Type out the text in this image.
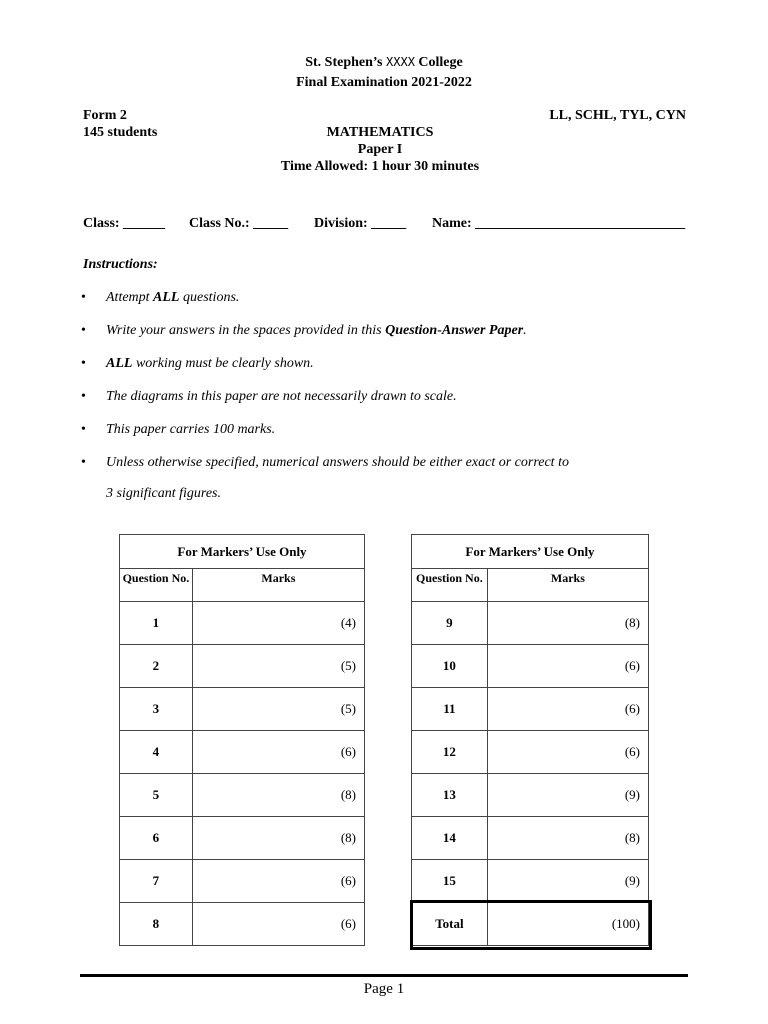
St. Stephen’s XXXX College
Final Examination 2021-2022
Form 2
145 students
LL, SCHL, TYL, CYN
MATHEMATICS
Paper I
Time Allowed: 1 hour 30 minutes
Class: ______	Class No.: _____	Division: _____	Name: ______________________________
Instructions:
• Attempt ALL questions.
• Write your answers in the spaces provided in this Question-Answer Paper.
• ALL working must be clearly shown.
• The diagrams in this paper are not necessarily drawn to scale.
• This paper carries 100 marks.
• Unless otherwise specified, numerical answers should be either exact or correct to
3 significant figures.
For Markers’ Use Only	
Question No.	Marks
1	(4)
2	(5)
3	(5)
4	(6)
5	(8)
6	(8)
7	(6)
8	(6)
For Markers’ Use Only	
Question No.	Marks
9	(8)
10	(6)
11	(6)
12	(6)
13	(9)
14	(8)
15	(9)
Total	(100)
Page 1
